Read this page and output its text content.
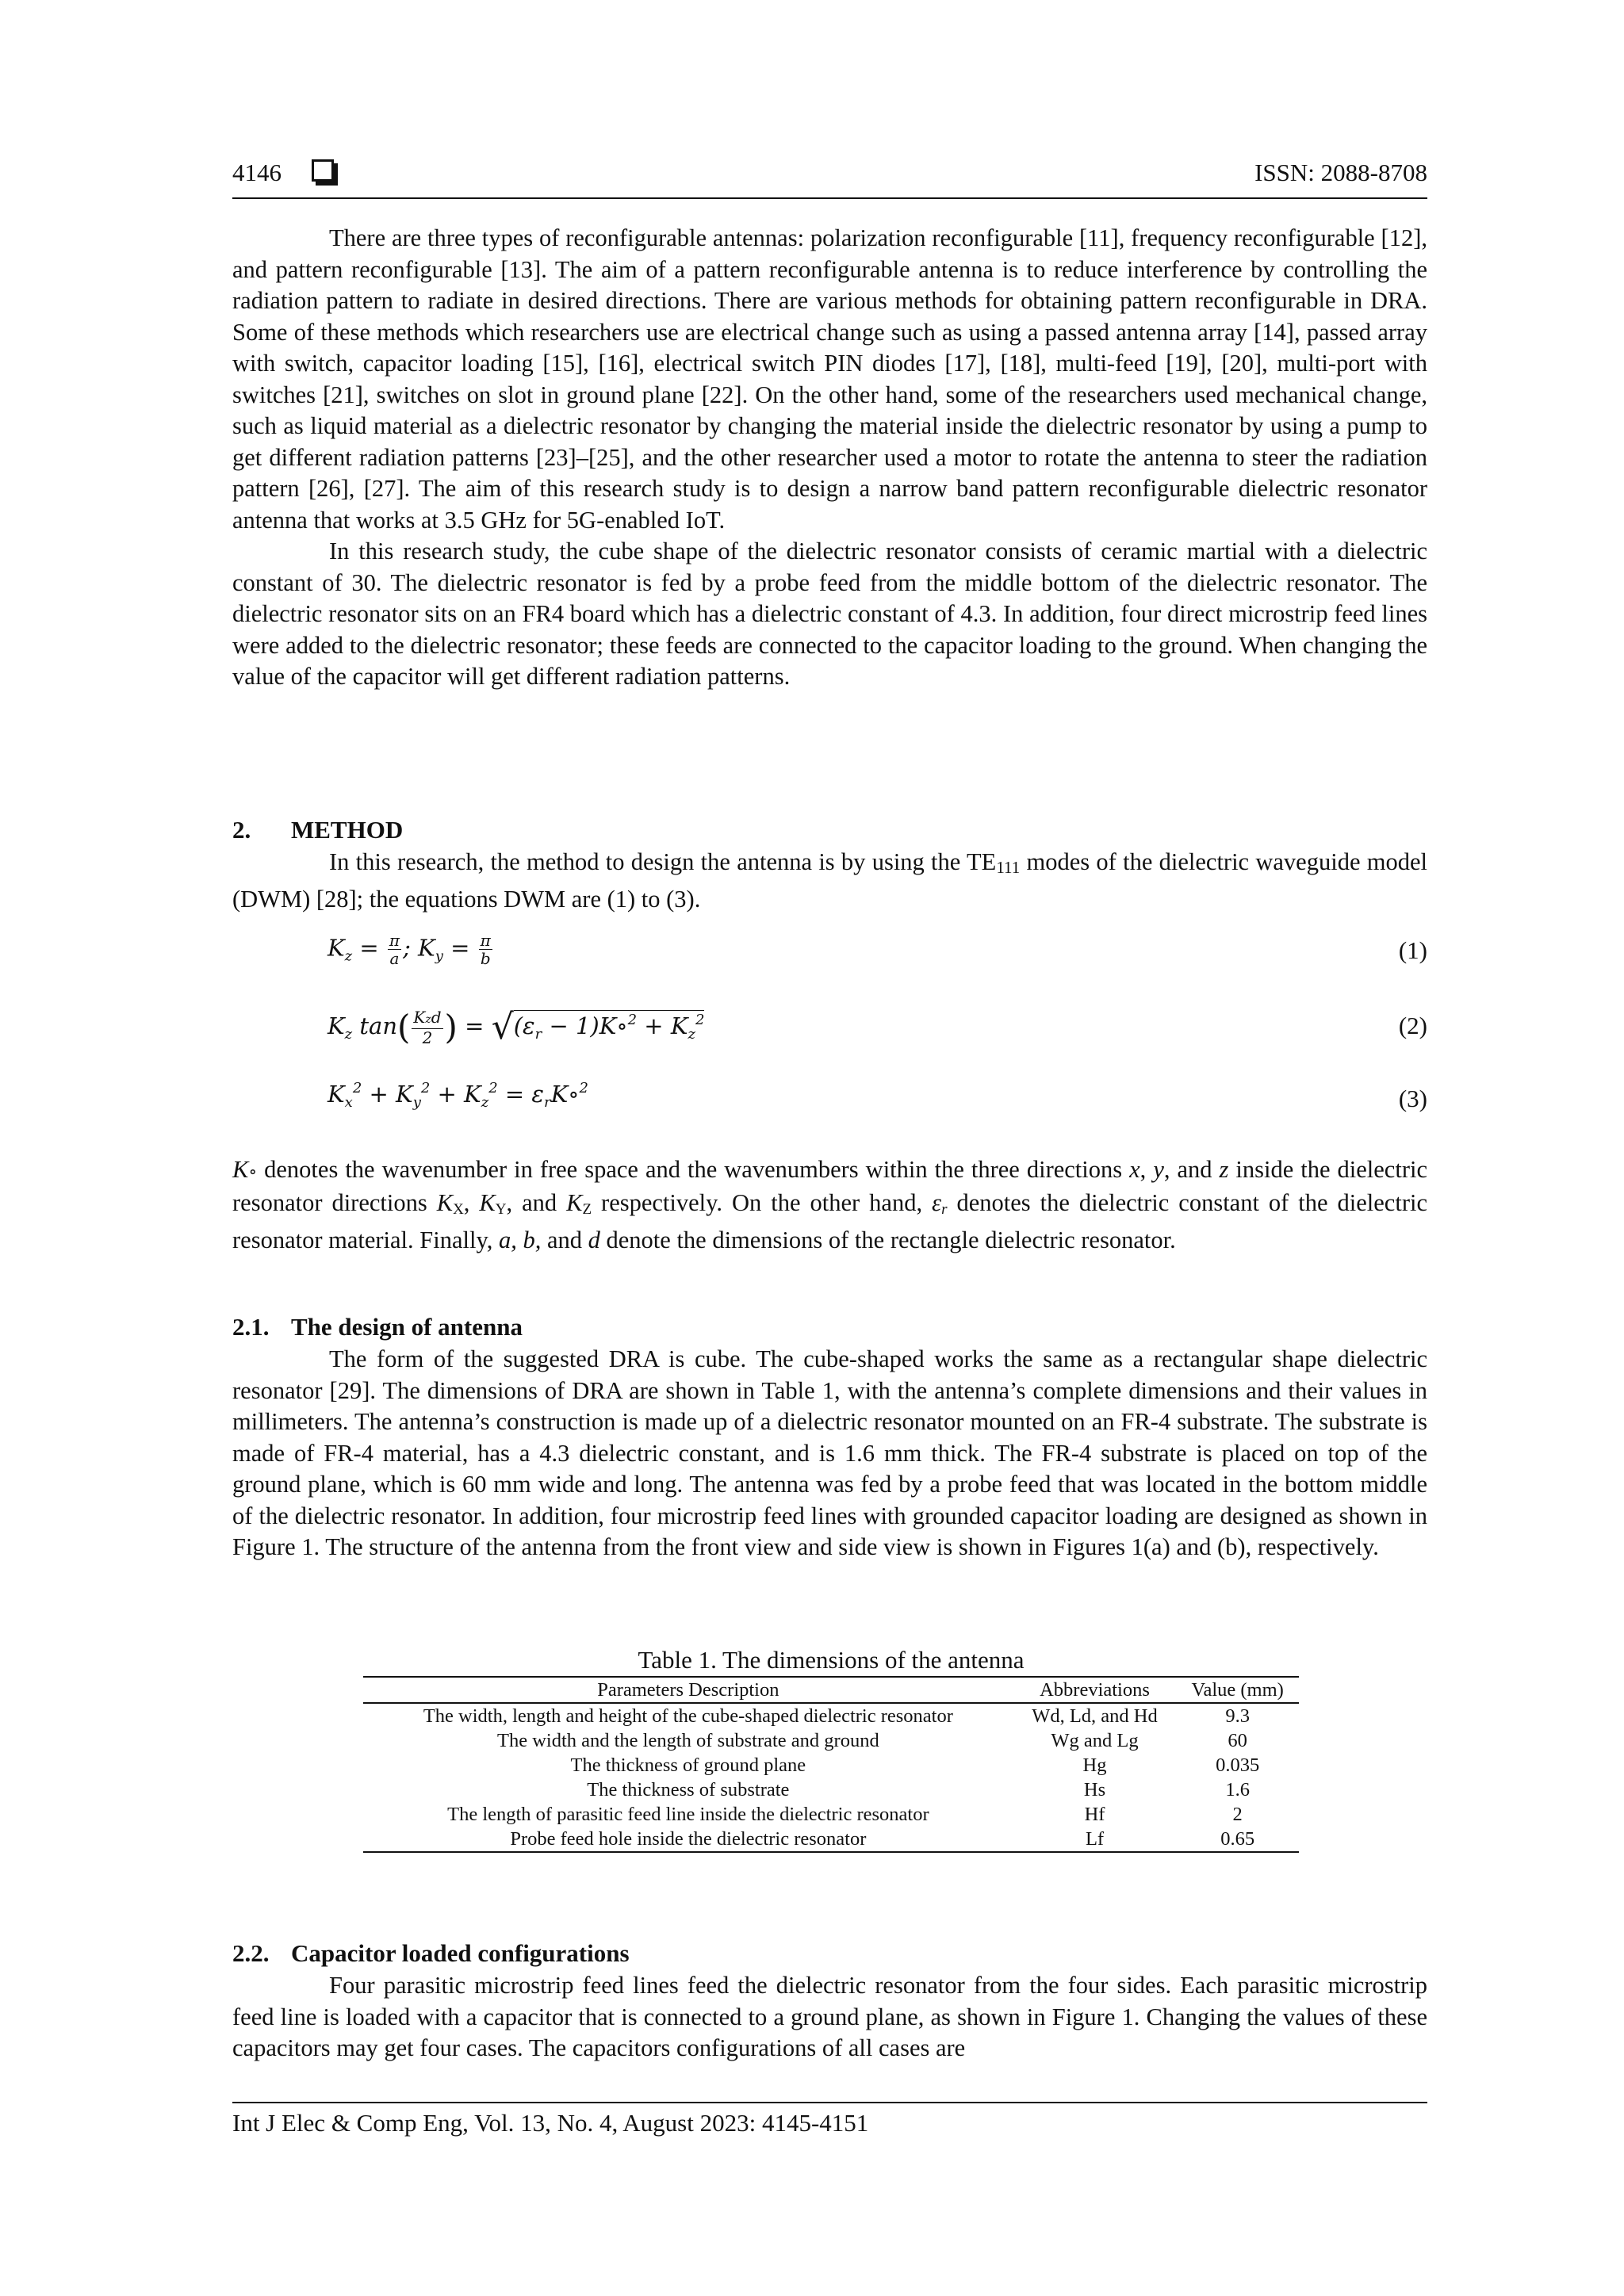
4146	ISSN: 2088-8708

There are three types of reconfigurable antennas: polarization reconfigurable [11], frequency reconfigurable [12], and pattern reconfigurable [13]. The aim of a pattern reconfigurable antenna is to reduce interference by controlling the radiation pattern to radiate in desired directions. There are various methods for obtaining pattern reconfigurable in DRA. Some of these methods which researchers use are electrical change such as using a passed antenna array [14], passed array with switch, capacitor loading [15], [16], electrical switch PIN diodes [17], [18], multi-feed [19], [20], multi-port with switches [21], switches on slot in ground plane [22]. On the other hand, some of the researchers used mechanical change, such as liquid material as a dielectric resonator by changing the material inside the dielectric resonator by using a pump to get different radiation patterns [23]–[25], and the other researcher used a motor to rotate the antenna to steer the radiation pattern [26], [27]. The aim of this research study is to design a narrow band pattern reconfigurable dielectric resonator antenna that works at 3.5 GHz for 5G-enabled IoT.

In this research study, the cube shape of the dielectric resonator consists of ceramic martial with a dielectric constant of 30. The dielectric resonator is fed by a probe feed from the middle bottom of the dielectric resonator. The dielectric resonator sits on an FR4 board which has a dielectric constant of 4.3. In addition, four direct microstrip feed lines were added to the dielectric resonator; these feeds are connected to the capacitor loading to the ground. When changing the value of the capacitor will get different radiation patterns.

2. METHOD

In this research, the method to design the antenna is by using the TE111 modes of the dielectric waveguide model (DWM) [28]; the equations DWM are (1) to (3).

$K_z = \frac{\pi}{a}$ ; $K_y = \frac{\pi}{b}$	(1)
$K_z$ $\tan( \frac{\text{Kzd}}{2}$ ) = $√(\varepsilon_r$ − 1)K∘$^2$ + $K_z^2$	(2)
$K_x^2 + K_y^2 + K_z^2$ = $\varepsilon_rK\circ^2$	(3)

K∘ denotes the wavenumber in free space and the wavenumbers within the three directions x, y, and z inside the dielectric resonator directions $K_X$, $K_Y$, and $K_Z$ respectively. On the other hand, $\varepsilon_r$ denotes the dielectric constant of the dielectric resonator material. Finally, a, b, and d denote the dimensions of the rectangle dielectric resonator.

2.1. The design of antenna

The form of the suggested DRA is cube. The cube-shaped works the same as a rectangular shape dielectric resonator [29]. The dimensions of DRA are shown in Table 1, with the antenna’s complete dimensions and their values in millimeters. The antenna’s construction is made up of a dielectric resonator mounted on an FR-4 substrate. The substrate is made of FR-4 material, has a 4.3 dielectric constant, and is 1.6 mm thick. The FR-4 substrate is placed on top of the ground plane, which is 60 mm wide and long. The antenna was fed by a probe feed that was located in the bottom middle of the dielectric resonator. In addition, four microstrip feed lines with grounded capacitor loading are designed as shown in Figure 1. The structure of the antenna from the front view and side view is shown in Figures 1(a) and (b), respectively.

Table 1. The dimensions of the antenna
Parameters Description	Abbreviations	Value (mm)
The width, length and height of the cube-shaped dielectric resonator	Wd, Ld, and Hd	9.3
The width and the length of substrate and ground	Wg and Lg	60
The thickness of ground plane	Hg	0.035
The thickness of substrate	Hs	1.6
The length of parasitic feed line inside the dielectric resonator	Hf	2
Probe feed hole inside the dielectric resonator	Lf	0.65
2.2. Capacitor loaded configurations

Four parasitic microstrip feed lines feed the dielectric resonator from the four sides. Each parasitic microstrip feed line is loaded with a capacitor that is connected to a ground plane, as shown in Figure 1. Changing the values of these capacitors may get four cases. The capacitors configurations of all cases are

Int J Elec & Comp Eng, Vol. 13, No. 4, August 2023: 4145-4151
